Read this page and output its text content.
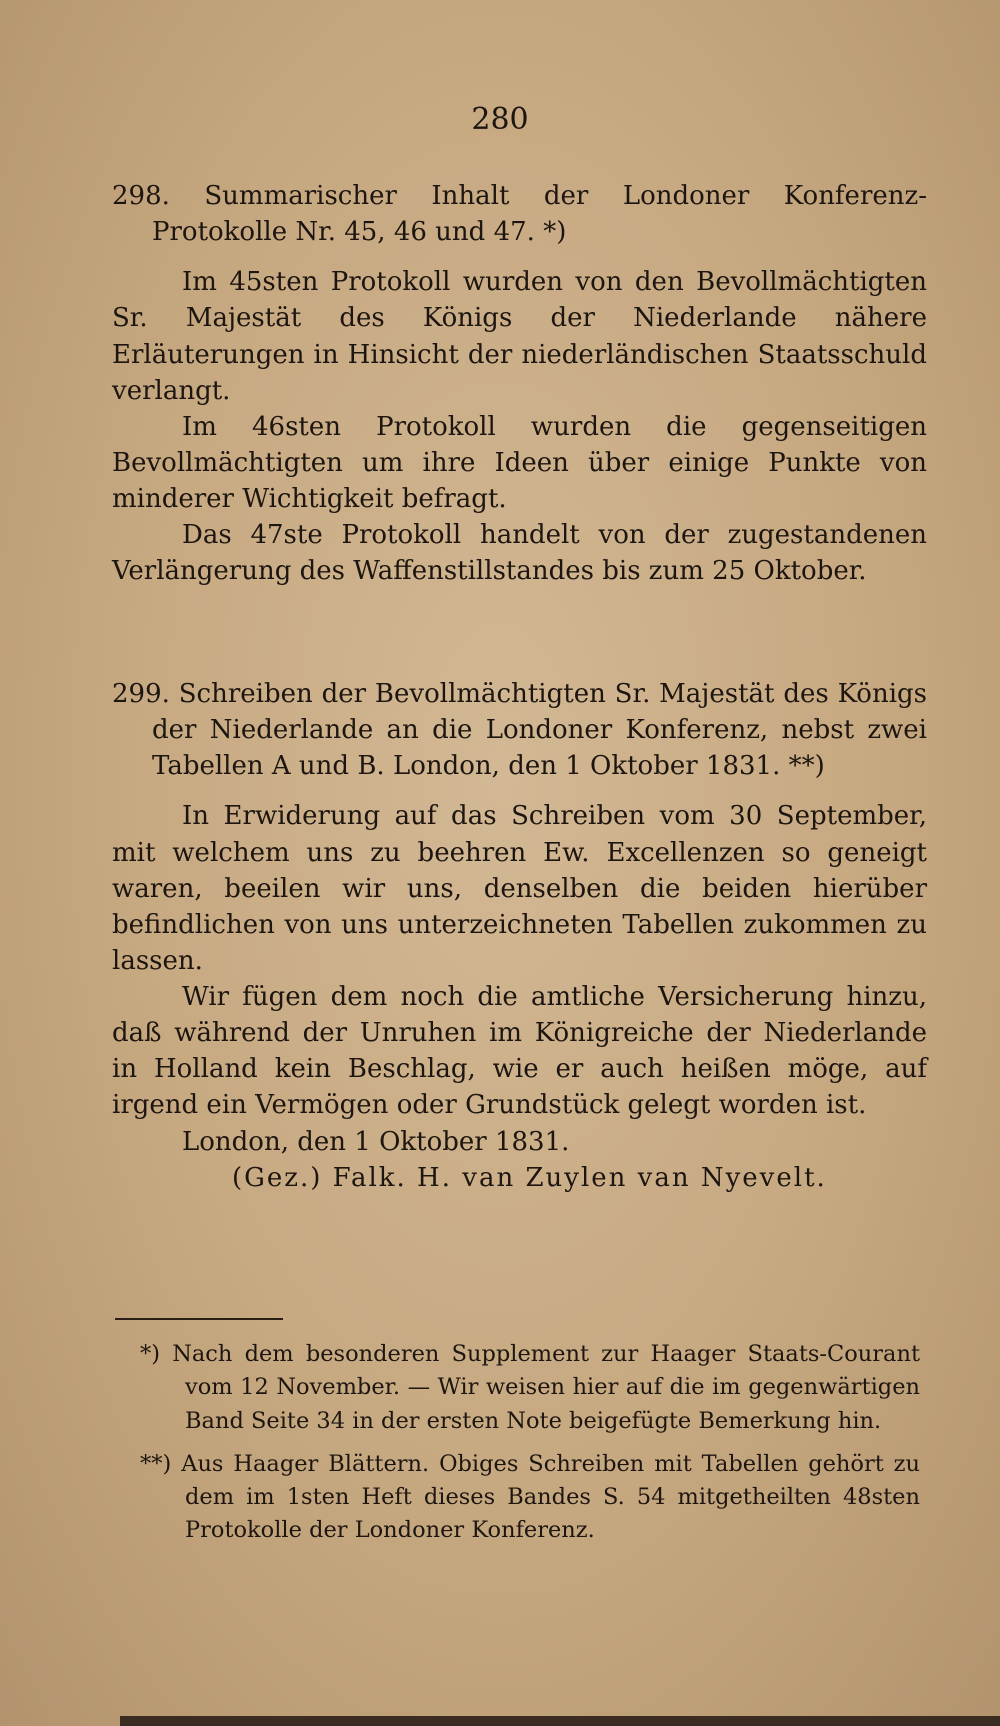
280

298. Summarischer Inhalt der Londoner Konferenz-Protokolle Nr. 45, 46 und 47. *)

Im 45sten Protokoll wurden von den Bevollmächtigten Sr. Majestät des Königs der Niederlande nähere Erläuterungen in Hinsicht der niederländischen Staatsschuld verlangt.

Im 46sten Protokoll wurden die gegenseitigen Bevollmächtigten um ihre Ideen über einige Punkte von minderer Wichtigkeit befragt.

Das 47ste Protokoll handelt von der zugestandenen Verlängerung des Waffenstillstandes bis zum 25 Oktober.

299. Schreiben der Bevollmächtigten Sr. Majestät des Königs der Niederlande an die Londoner Konferenz, nebst zwei Tabellen A und B. London, den 1 Oktober 1831. **)

In Erwiderung auf das Schreiben vom 30 September, mit welchem uns zu beehren Ew. Excellenzen so geneigt waren, beeilen wir uns, denselben die beiden hierüber befindlichen von uns unterzeichneten Tabellen zukommen zu lassen.

Wir fügen dem noch die amtliche Versicherung hinzu, daß während der Unruhen im Königreiche der Niederlande in Holland kein Beschlag, wie er auch heißen möge, auf irgend ein Vermögen oder Grundstück gelegt worden ist.

London, den 1 Oktober 1831.

(Gez.) Falk. H. van Zuylen van Nyevelt.

*) Nach dem besonderen Supplement zur Haager Staats-Courant vom 12 November. — Wir weisen hier auf die im gegenwärtigen Band Seite 34 in der ersten Note beigefügte Bemerkung hin.

**) Aus Haager Blättern. Obiges Schreiben mit Tabellen gehört zu dem im 1sten Heft dieses Bandes S. 54 mitgetheilten 48sten Protokolle der Londoner Konferenz.
